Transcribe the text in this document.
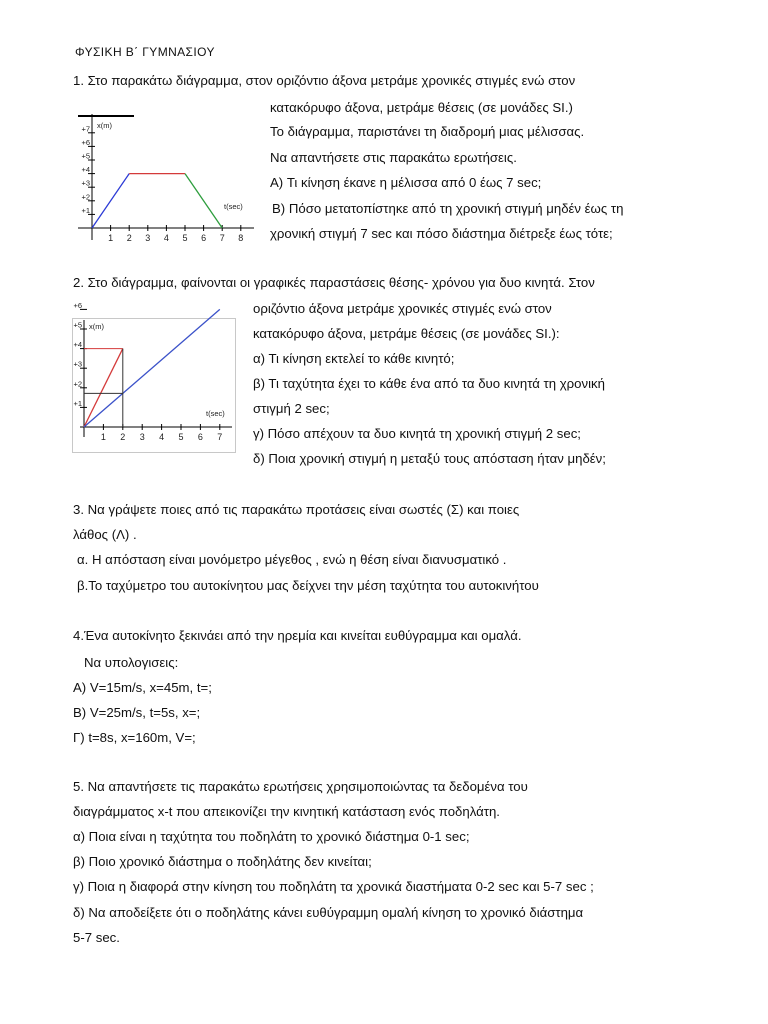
ΦΥΣΙΚΗ Β΄ ΓΥΜΝΑΣΙΟΥ
1. Στο παρακάτω διάγραμμα, στον οριζόντιο άξονα μετράμε χρονικές στιγμές ενώ στον
κατακόρυφο άξονα, μετράμε θέσεις (σε μονάδες SI.)
Το διάγραμμα, παριστάνει τη διαδρομή μιας μέλισσας.
Να απαντήσετε στις παρακάτω ερωτήσεις.
A) Τι κίνηση έκανε η μέλισσα από 0 έως 7 sec;
B) Πόσο μετατοπίστηκε από τη χρονική στιγμή μηδέν έως τη
χρονική στιγμή 7 sec και πόσο διάστημα διέτρεξε έως τότε;
1 2 3 4 5 6 7 8
+1
+2
+3
+4
+5
+6
+7 x(m)
t(sec)
2. Στο διάγραμμα, φαίνονται οι γραφικές παραστάσεις θέσης- χρόνου για δυο κινητά. Στον
οριζόντιο άξονα μετράμε χρονικές στιγμές ενώ στον
κατακόρυφο άξονα, μετράμε θέσεις (σε μονάδες SI.):
α) Τι κίνηση εκτελεί το κάθε κινητό;
β) Τι ταχύτητα έχει το κάθε ένα από τα δυο κινητά τη χρονική
στιγμή 2 sec;
γ) Πόσο απέχουν τα δυο κινητά τη χρονική στιγμή 2 sec;
δ) Ποια χρονική στιγμή η μεταξύ τους απόσταση ήταν μηδέν;
1 2 3 4 5 6 7
+1
+2
+3
+4
+5
+6
x(m)
t(sec)
3. Να γράψετε ποιες από τις παρακάτω προτάσεις είναι σωστές (Σ) και ποιες
λάθος (Λ) .
α. Η απόσταση είναι μονόμετρο μέγεθος , ενώ η θέση είναι διανυσματικό .
β.Το ταχύμετρο του αυτοκίνητου μας δείχνει την μέση ταχύτητα του αυτοκινήτου
4.Ένα αυτοκίνητο ξεκινάει από την ηρεμία και κινείται ευθύγραμμα και ομαλά.
Να υπολογισεις:
A) V=15m/s, x=45m, t=;
B) V=25m/s, t=5s, x=;
Γ) t=8s, x=160m, V=;
5. Να απαντήσετε τις παρακάτω ερωτήσεις χρησιμοποιώντας τα δεδομένα του
διαγράμματος x-t που απεικονίζει την κινητική κατάσταση ενός ποδηλάτη.
α) Ποια είναι η ταχύτητα του ποδηλάτη το χρονικό διάστημα 0-1 sec;
β) Ποιο χρονικό διάστημα ο ποδηλάτης δεν κινείται;
γ) Ποια η διαφορά στην κίνηση του ποδηλάτη τα χρονικά διαστήματα 0-2 sec και 5-7 sec ;
δ) Να αποδείξετε ότι ο ποδηλάτης κάνει ευθύγραμμη ομαλή κίνηση το χρονικό διάστημα
5-7 sec.
